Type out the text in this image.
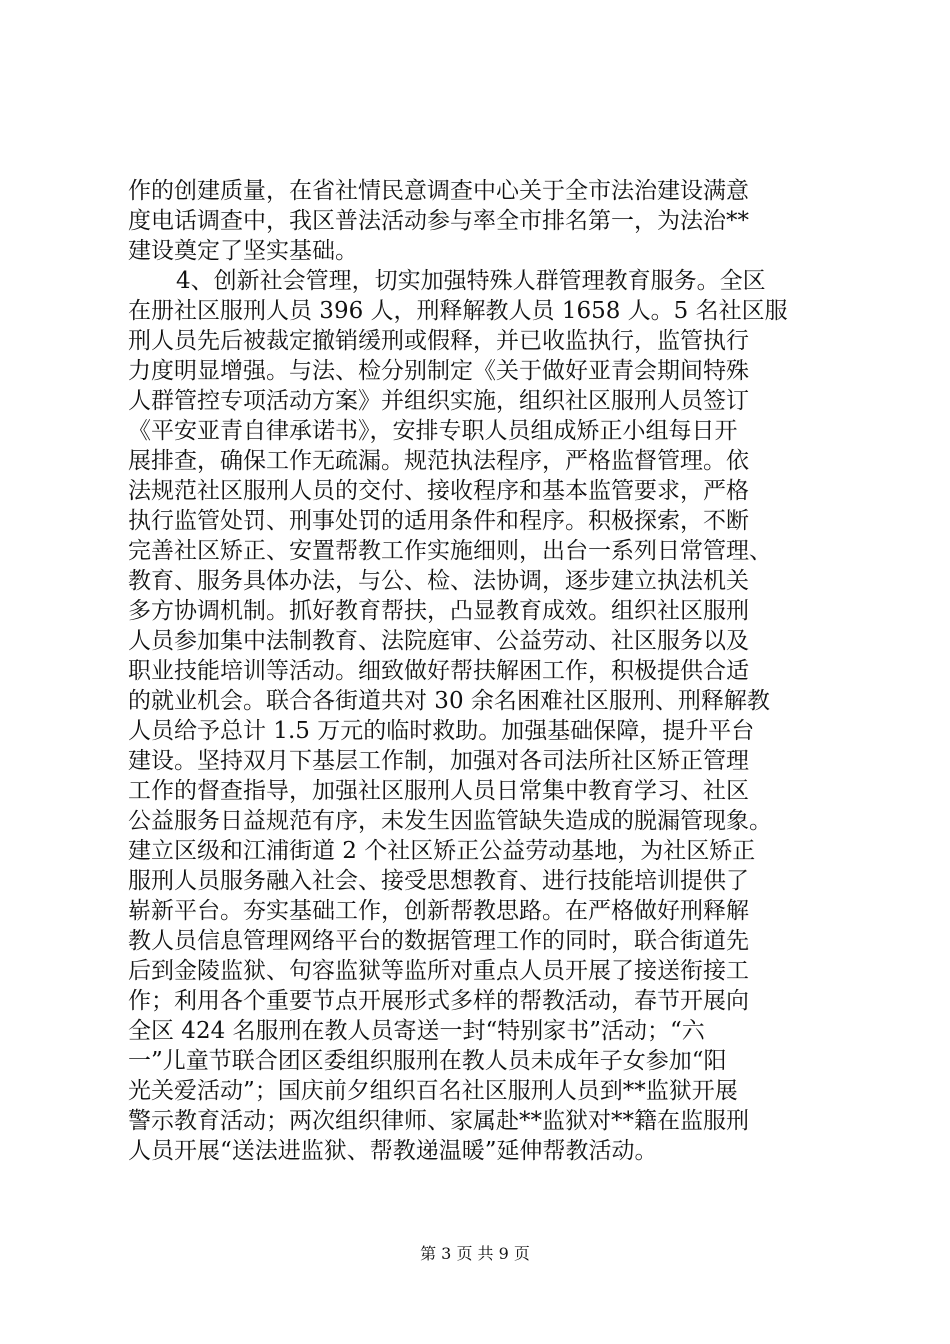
作的创建质量，在省社情民意调查中心关于全市法治建设满意
度电话调查中，我区普法活动参与率全市排名第一，为法治**
建设奠定了坚实基础。
4、创新社会管理，切实加强特殊人群管理教育服务。全区
在册社区服刑人员 396 人，刑释解教人员 1658 人。5 名社区服
刑人员先后被裁定撤销缓刑或假释，并已收监执行，监管执行
力度明显增强。与法、检分别制定《关于做好亚青会期间特殊
人群管控专项活动方案》并组织实施，组织社区服刑人员签订
《平安亚青自律承诺书》，安排专职人员组成矫正小组每日开
展排查，确保工作无疏漏。规范执法程序，严格监督管理。依
法规范社区服刑人员的交付、接收程序和基本监管要求，严格
执行监管处罚、刑事处罚的适用条件和程序。积极探索，不断
完善社区矫正、安置帮教工作实施细则，出台一系列日常管理、
教育、服务具体办法，与公、检、法协调，逐步建立执法机关
多方协调机制。抓好教育帮扶，凸显教育成效。组织社区服刑
人员参加集中法制教育、法院庭审、公益劳动、社区服务以及
职业技能培训等活动。细致做好帮扶解困工作，积极提供合适
的就业机会。联合各街道共对 30 余名困难社区服刑、刑释解教
人员给予总计 1.5 万元的临时救助。加强基础保障，提升平台
建设。坚持双月下基层工作制，加强对各司法所社区矫正管理
工作的督查指导，加强社区服刑人员日常集中教育学习、社区
公益服务日益规范有序，未发生因监管缺失造成的脱漏管现象。
建立区级和江浦街道 2 个社区矫正公益劳动基地，为社区矫正
服刑人员服务融入社会、接受思想教育、进行技能培训提供了
崭新平台。夯实基础工作，创新帮教思路。在严格做好刑释解
教人员信息管理网络平台的数据管理工作的同时，联合街道先
后到金陵监狱、句容监狱等监所对重点人员开展了接送衔接工
作；利用各个重要节点开展形式多样的帮教活动，春节开展向
全区 424 名服刑在教人员寄送一封“特别家书”活动；“六
一”儿童节联合团区委组织服刑在教人员未成年子女参加“阳
光关爱活动”；国庆前夕组织百名社区服刑人员到**监狱开展
警示教育活动；两次组织律师、家属赴**监狱对**籍在监服刑
人员开展“送法进监狱、帮教递温暖”延伸帮教活动。
第 3 页 共 9 页
